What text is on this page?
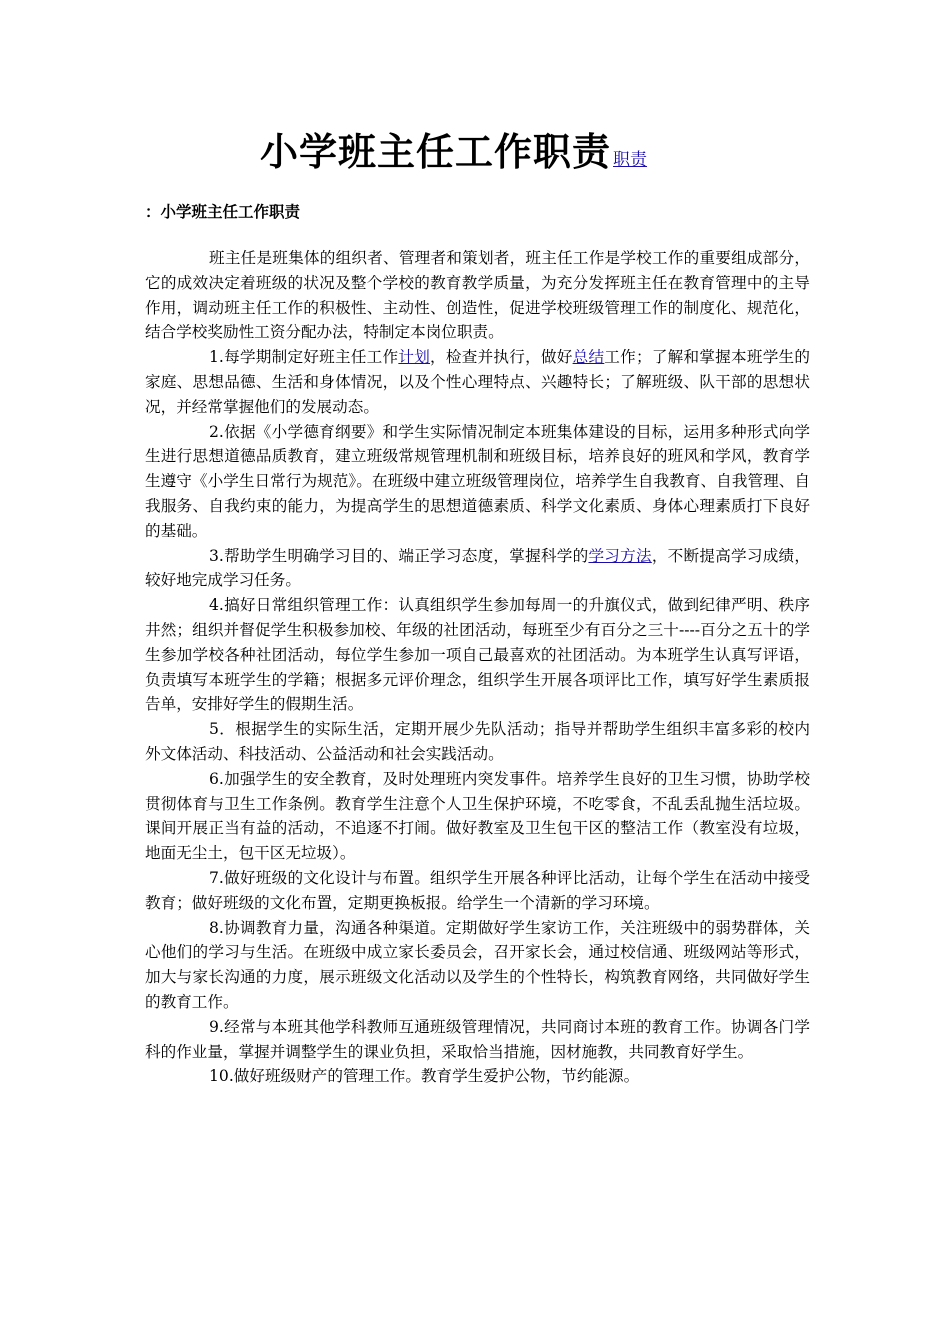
小学班主任工作职责 职责
：小学班主任工作职责

班主任是班集体的组织者、管理者和策划者，班主任工作是学校工作的重要组成部分，它的成效决定着班级的状况及整个学校的教育教学质量，为充分发挥班主任在教育管理中的主导作用，调动班主任工作的积极性、主动性、创造性，促进学校班级管理工作的制度化、规范化，结合学校奖励性工资分配办法，特制定本岗位职责。

1.每学期制定好班主任工作计划，检查并执行，做好总结工作；了解和掌握本班学生的家庭、思想品德、生活和身体情况，以及个性心理特点、兴趣特长；了解班级、队干部的思想状况，并经常掌握他们的发展动态。

2.依据《小学德育纲要》和学生实际情况制定本班集体建设的目标，运用多种形式向学生进行思想道德品质教育，建立班级常规管理机制和班级目标，培养良好的班风和学风，教育学生遵守《小学生日常行为规范》。在班级中建立班级管理岗位，培养学生自我教育、自我管理、自我服务、自我约束的能力，为提高学生的思想道德素质、科学文化素质、身体心理素质打下良好的基础。

3.帮助学生明确学习目的、端正学习态度，掌握科学的学习方法，不断提高学习成绩，较好地完成学习任务。

4.搞好日常组织管理工作：认真组织学生参加每周一的升旗仪式，做到纪律严明、秩序井然；组织并督促学生积极参加校、年级的社团活动，每班至少有百分之三十----百分之五十的学生参加学校各种社团活动，每位学生参加一项自己最喜欢的社团活动。为本班学生认真写评语，负责填写本班学生的学籍；根据多元评价理念，组织学生开展各项评比工作，填写好学生素质报告单，安排好学生的假期生活。

5．根据学生的实际生活，定期开展少先队活动；指导并帮助学生组织丰富多彩的校内外文体活动、科技活动、公益活动和社会实践活动。

6.加强学生的安全教育，及时处理班内突发事件。培养学生良好的卫生习惯，协助学校贯彻体育与卫生工作条例。教育学生注意个人卫生保护环境，不吃零食，不乱丢乱抛生活垃圾。课间开展正当有益的活动，不追逐不打闹。做好教室及卫生包干区的整洁工作（教室没有垃圾，地面无尘土，包干区无垃圾）。

7.做好班级的文化设计与布置。组织学生开展各种评比活动，让每个学生在活动中接受教育；做好班级的文化布置，定期更换板报。给学生一个清新的学习环境。

8.协调教育力量，沟通各种渠道。定期做好学生家访工作，关注班级中的弱势群体，关心他们的学习与生活。在班级中成立家长委员会，召开家长会，通过校信通、班级网站等形式，加大与家长沟通的力度，展示班级文化活动以及学生的个性特长，构筑教育网络，共同做好学生的教育工作。

9.经常与本班其他学科教师互通班级管理情况，共同商讨本班的教育工作。协调各门学科的作业量，掌握并调整学生的课业负担，采取恰当措施，因材施教，共同教育好学生。

10.做好班级财产的管理工作。教育学生爱护公物，节约能源。
